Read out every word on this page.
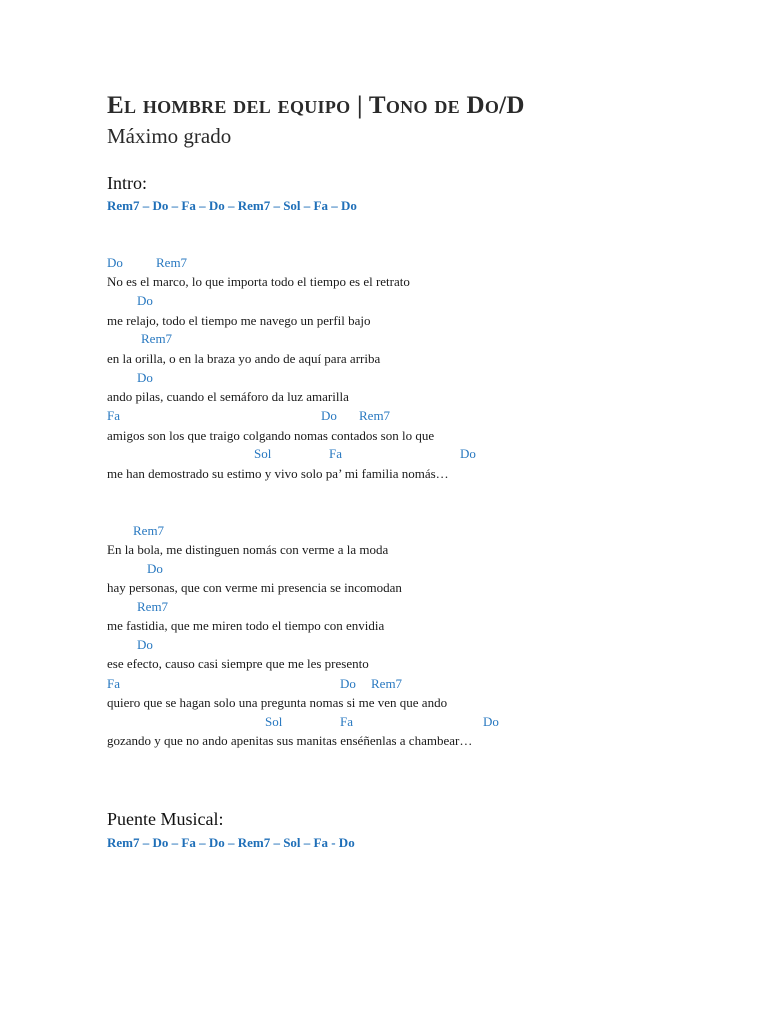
El hombre del equipo | Tono de Do/D
Máximo grado
Intro:
Rem7 – Do – Fa – Do – Rem7 – Sol – Fa – Do
Do	Rem7
No es el marco, lo que importa todo el tiempo es el retrato
Do
me relajo, todo el tiempo me navego un perfil bajo
Rem7
en la orilla, o en la braza yo ando de aquí para arriba
Do
ando pilas, cuando el semáforo da luz amarilla
Fa	Do Rem7
amigos son los que traigo colgando nomas contados son lo que
Sol	Fa	Do
me han demostrado su estimo y vivo solo pa’ mi familia nomás…
Rem7
En la bola, me distinguen nomás con verme a la moda
Do
hay personas, que con verme mi presencia se incomodan
Rem7
me fastidia, que me miren todo el tiempo con envidia
Do
ese efecto, causo casi siempre que me les presento
Fa	Do Rem7
quiero que se hagan solo una pregunta nomas si me ven que ando
Sol	Fa	Do
gozando y que no ando apenitas sus manitas enséñenlas a chambear…
Puente Musical:
Rem7 – Do – Fa – Do – Rem7 – Sol – Fa - Do
